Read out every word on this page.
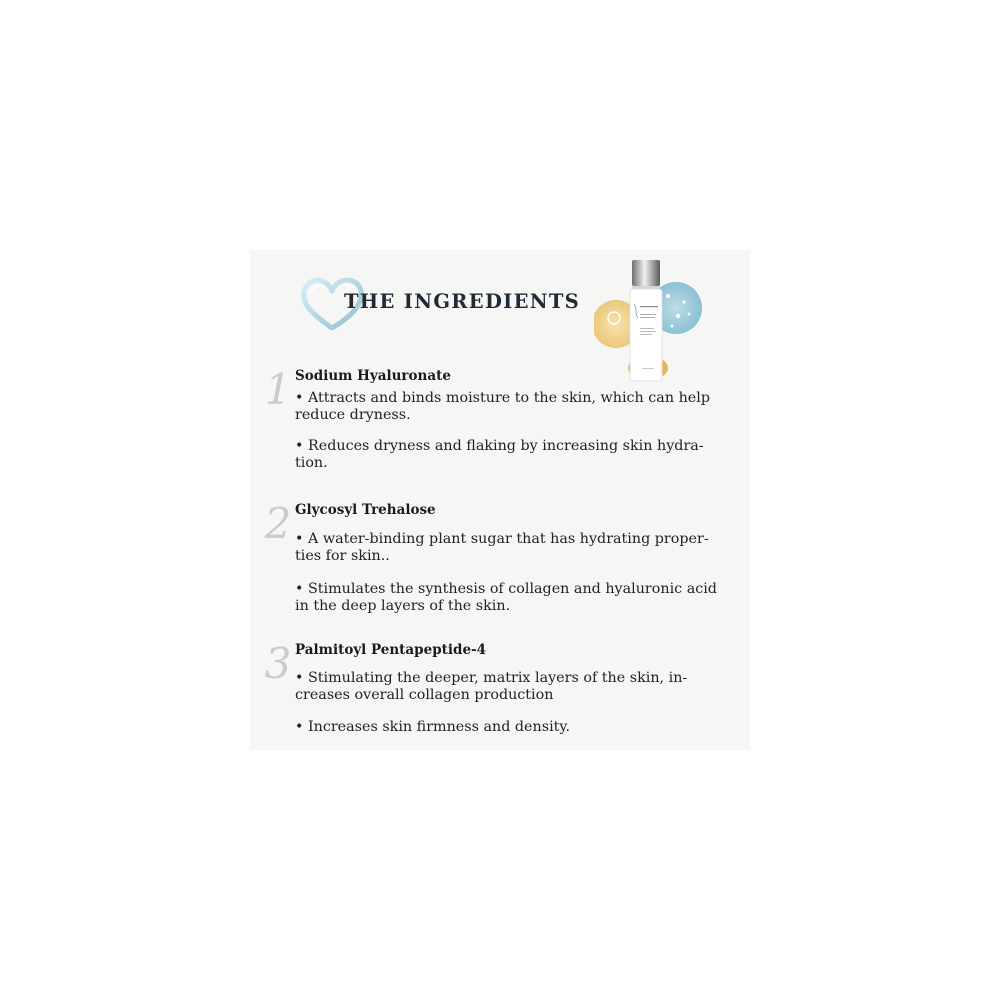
THE INGREDIENTS
1 Sodium Hyaluronate
• Attracts and binds moisture to the skin, which can help
reduce dryness.
• Reduces dryness and flaking by increasing skin hydra-
tion.
2 Glycosyl Trehalose
• A water-binding plant sugar that has hydrating proper-
ties for skin..
• Stimulates the synthesis of collagen and hyaluronic acid
in the deep layers of the skin.
3 Palmitoyl Pentapeptide-4
• Stimulating the deeper, matrix layers of the skin, in-
creases overall collagen production
• Increases skin firmness and density.
